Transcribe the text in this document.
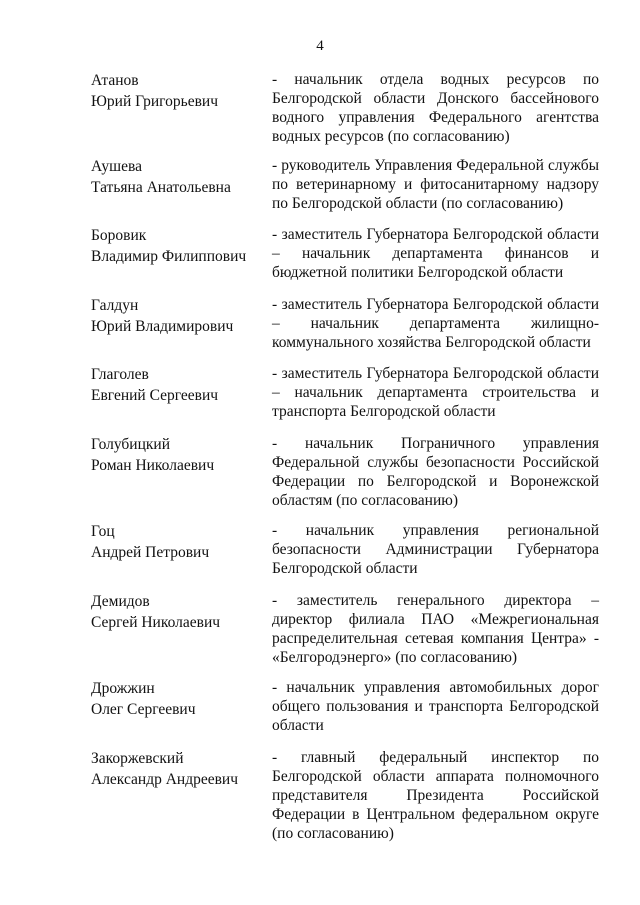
4
Атанов
Юрий Григорьевич
- начальник отдела водных ресурсов по Белгородской области Донского бассейнового водного управления Федерального агентства водных ресурсов (по согласованию)
Аушева
Татьяна Анатольевна
- руководитель Управления Федеральной службы по ветеринарному и фитосанитарному надзору по Белгородской области (по согласованию)
Боровик
Владимир Филиппович
- заместитель Губернатора Белгородской области – начальник департамента финансов и бюджетной политики Белгородской области
Галдун
Юрий Владимирович
- заместитель Губернатора Белгородской области – начальник департамента жилищно-коммунального хозяйства Белгородской области
Глаголев
Евгений Сергеевич
- заместитель Губернатора Белгородской области – начальник департамента строительства и транспорта Белгородской области
Голубицкий
Роман Николаевич
- начальник Пограничного управления Федеральной службы безопасности Российской Федерации по Белгородской и Воронежской областям (по согласованию)
Гоц
Андрей Петрович
- начальник управления региональной безопасности Администрации Губернатора Белгородской области
Демидов
Сергей Николаевич
- заместитель генерального директора – директор филиала ПАО «Межрегиональная распределительная сетевая компания Центра» - «Белгородэнерго» (по согласованию)
Дрожжин
Олег Сергеевич
- начальник управления автомобильных дорог общего пользования и транспорта Белгородской области
Закоржевский
Александр Андреевич
- главный федеральный инспектор по Белгородской области аппарата полномочного представителя Президента Российской Федерации в Центральном федеральном округе (по согласованию)
